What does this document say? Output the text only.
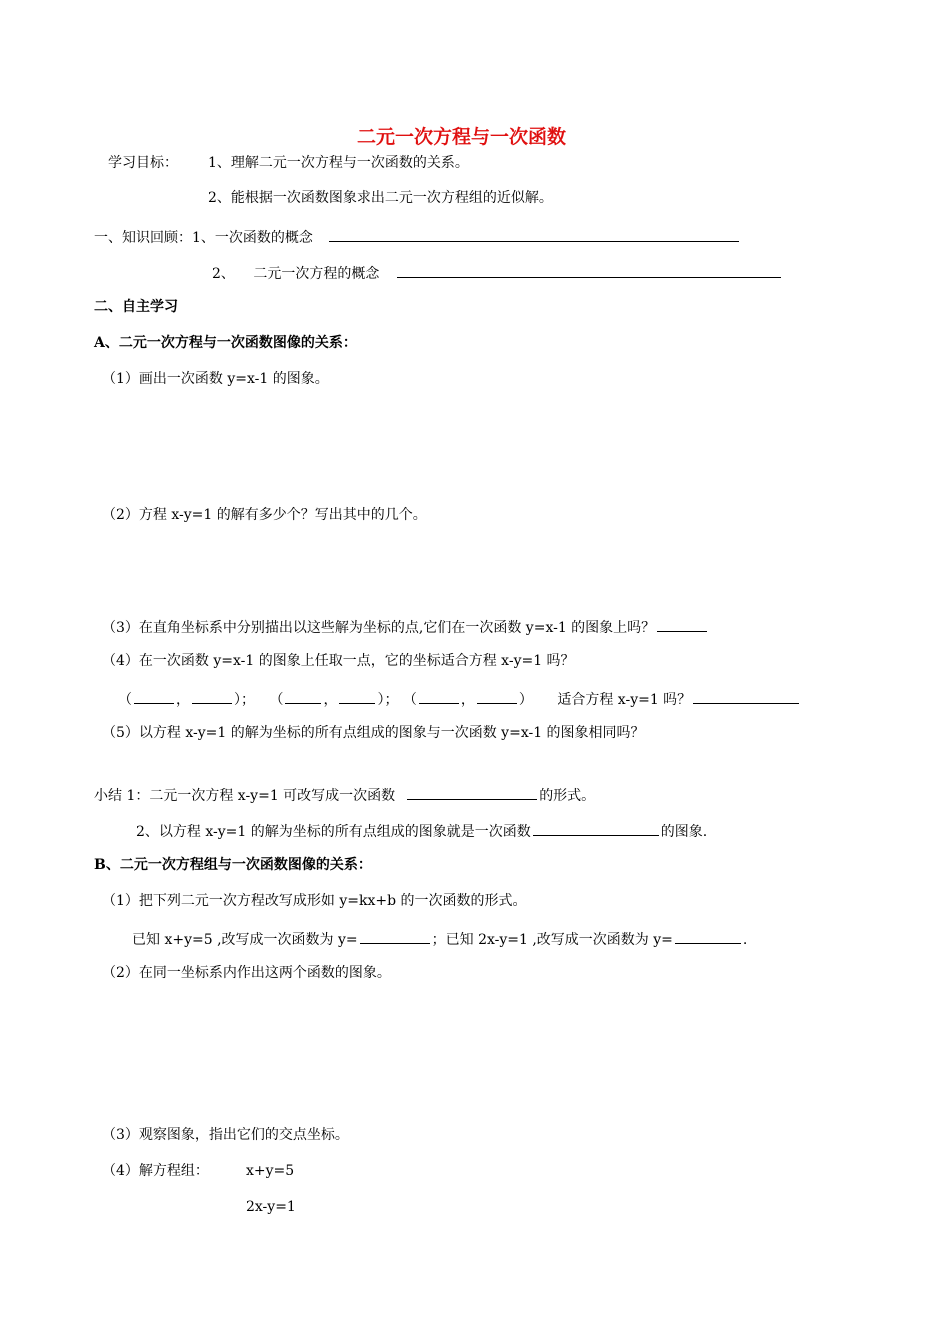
二元一次方程与一次函数
学习目标： 1、理解二元一次方程与一次函数的关系。
2、能根据一次函数图象求出二元一次方程组的近似解。
一、知识回顾：1、一次函数的概念
2、 二元一次方程的概念
二、自主学习
A、二元一次方程与一次函数图像的关系：
（1）画出一次函数 y=x-1 的图象。
（2）方程 x-y=1 的解有多少个？写出其中的几个。
（3）在直角坐标系中分别描出以这些解为坐标的点,它们在一次函数 y=x-1 的图象上吗？
（4）在一次函数 y=x-1 的图象上任取一点，它的坐标适合方程 x-y=1 吗？
（	，	）； （	，	）； （	，	） 适合方程 x-y=1 吗？
（5）以方程 x-y=1 的解为坐标的所有点组成的图象与一次函数 y=x-1 的图象相同吗？
小结 1：二元一次方程 x-y=1 可改写成一次函数	的形式。
2、以方程 x-y=1 的解为坐标的所有点组成的图象就是一次函数	的图象.
B、二元一次方程组与一次函数图像的关系：
（1）把下列二元一次方程改写成形如 y=kx+b 的一次函数的形式。
已知 x+y=5 ,改写成一次函数为 y=	；已知 2x-y=1 ,改写成一次函数为 y=	.
（2）在同一坐标系内作出这两个函数的图象。
（3）观察图象，指出它们的交点坐标。
（4）解方程组：	x+y=5
2x-y=1
